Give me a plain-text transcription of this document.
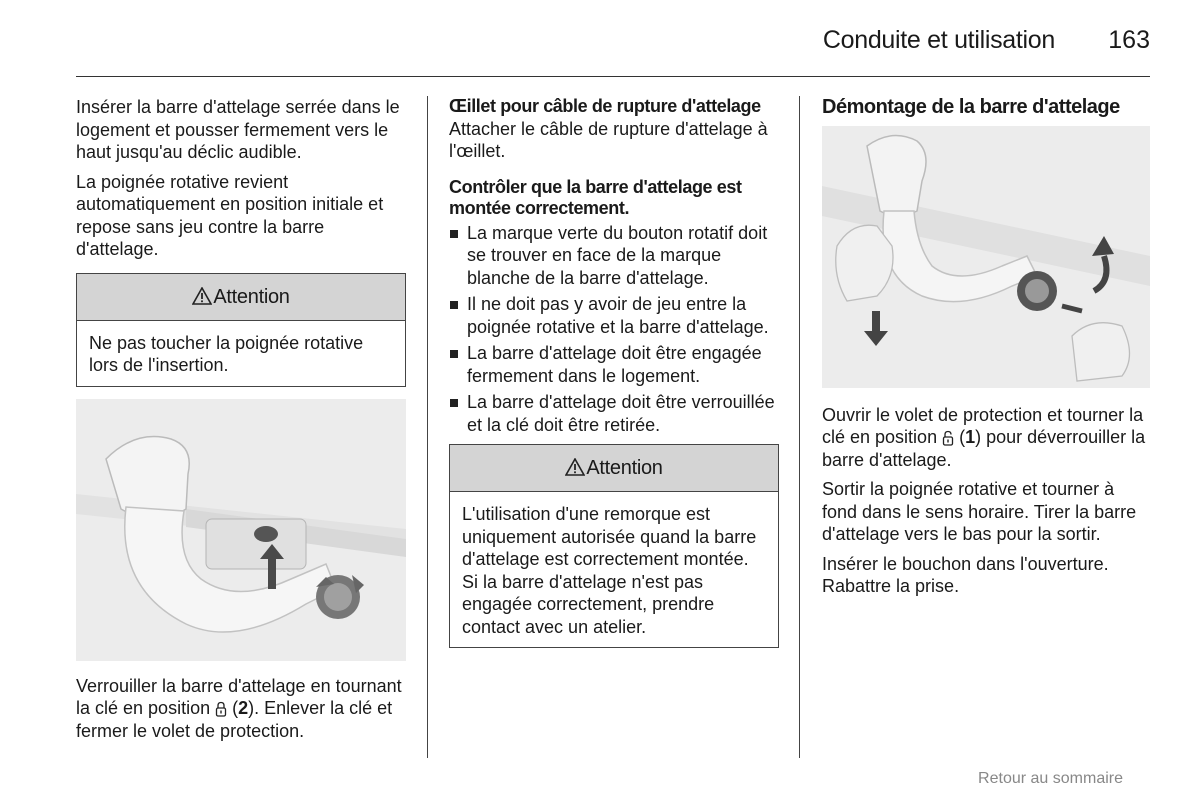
Conduite et utilisation 163

Insérer la barre d'attelage serrée dans le logement et pousser fermement vers le haut jusqu'au déclic audible.

La poignée rotative revient automatiquement en position initiale et repose sans jeu contre la barre d'attelage.

Attention
Ne pas toucher la poignée rotative lors de l'insertion.

Verrouiller la barre d'attelage en tournant la clé en position  (2). Enlever la clé et fermer le volet de protection.

Œillet pour câble de rupture d'attelage

Attacher le câble de rupture d'attelage à l'œillet.

Contrôler que la barre d'attelage est montée correctement.

La marque verte du bouton rotatif doit se trouver en face de la marque blanche de la barre d'attelage.
Il ne doit pas y avoir de jeu entre la poignée rotative et la barre d'attelage.
La barre d'attelage doit être engagée fermement dans le logement.
La barre d'attelage doit être verrouillée et la clé doit être retirée.
Attention
L'utilisation d'une remorque est uniquement autorisée quand la barre d'attelage est correctement montée. Si la barre d'attelage n'est pas engagée correctement, prendre contact avec un atelier.

Démontage de la barre d'attelage

Ouvrir le volet de protection et tourner la clé en position  (1) pour déverrouiller la barre d'attelage.

Sortir la poignée rotative et tourner à fond dans le sens horaire. Tirer la barre d'attelage vers le bas pour la sortir.

Insérer le bouchon dans l'ouverture. Rabattre la prise.

Retour au sommaire
